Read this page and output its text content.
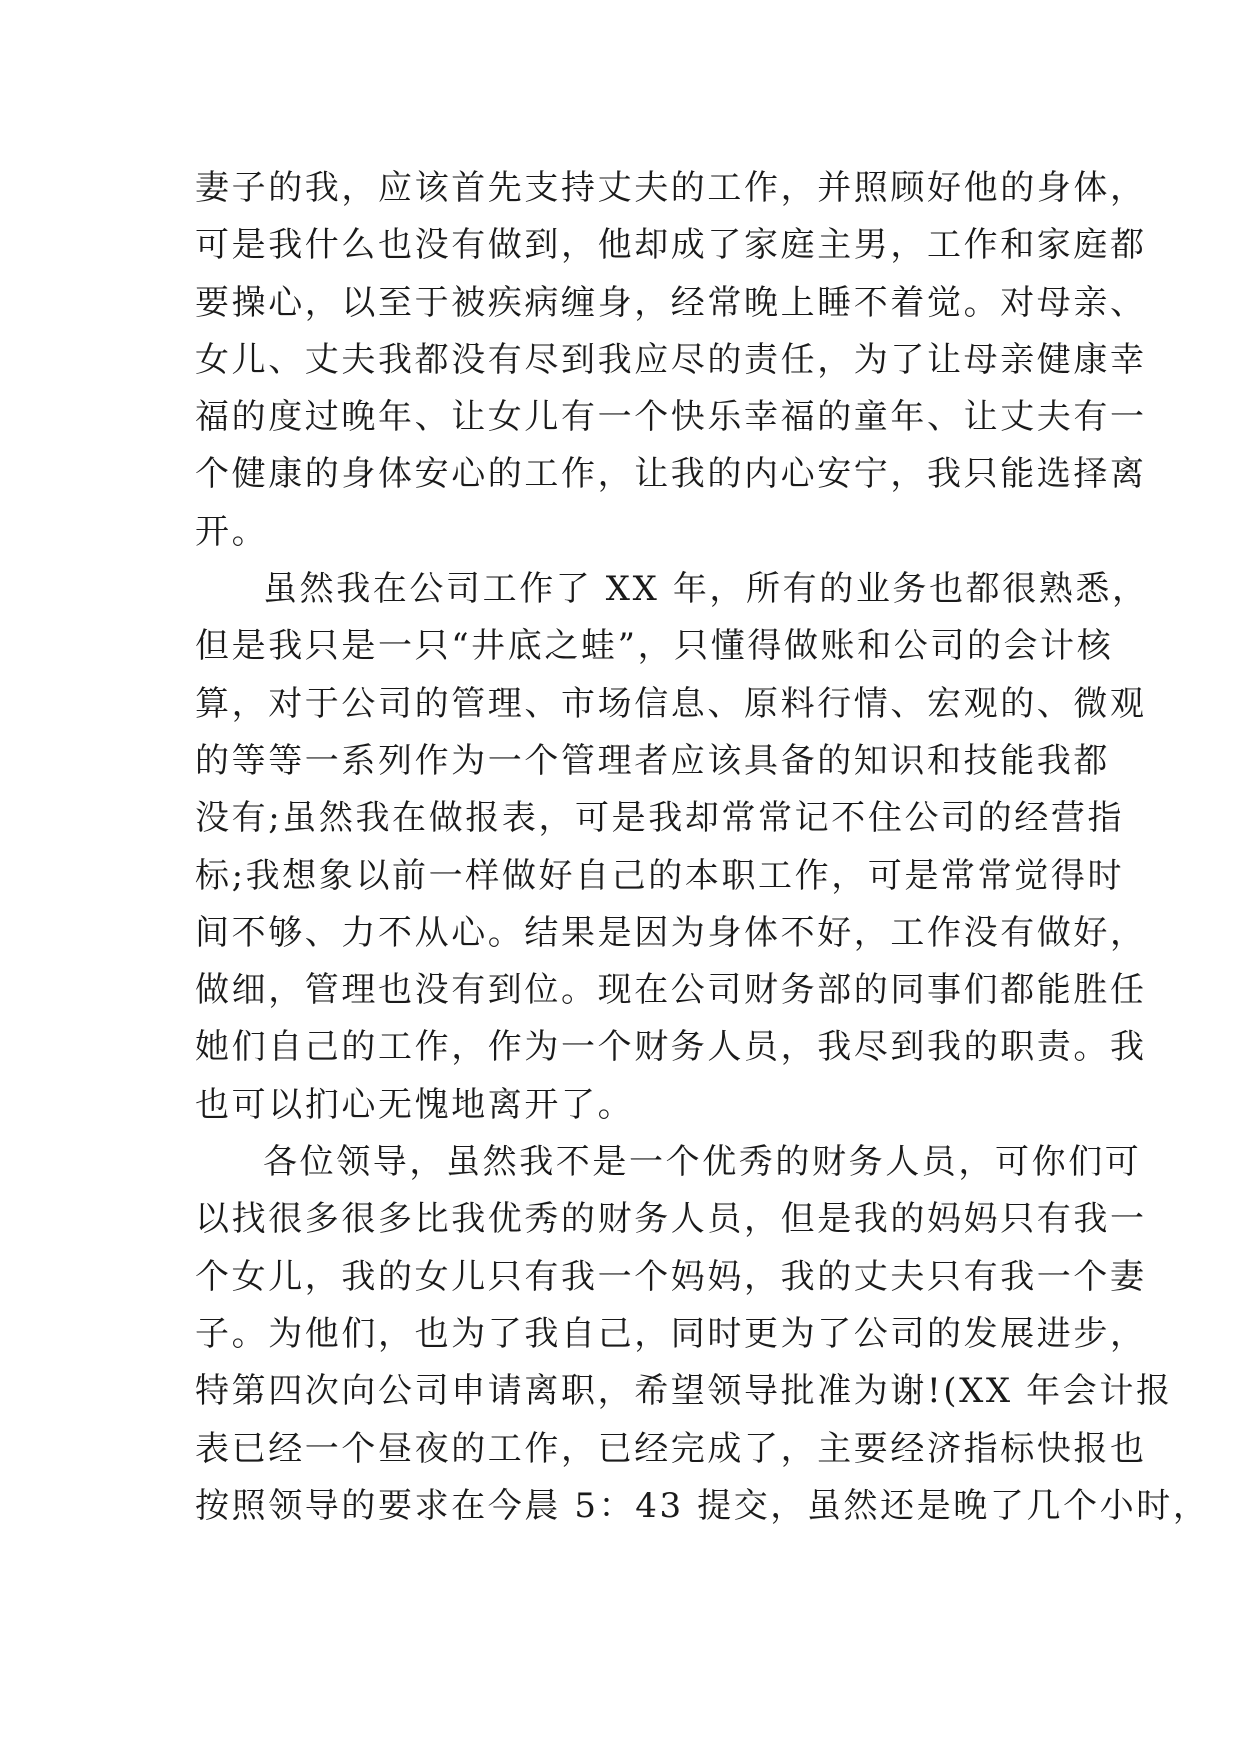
妻子的我，应该首先支持丈夫的工作，并照顾好他的身体，
可是我什么也没有做到，他却成了家庭主男，工作和家庭都
要操心，以至于被疾病缠身，经常晚上睡不着觉。对母亲、
女儿、丈夫我都没有尽到我应尽的责任，为了让母亲健康幸
福的度过晚年、让女儿有一个快乐幸福的童年、让丈夫有一
个健康的身体安心的工作，让我的内心安宁，我只能选择离
开。
虽然我在公司工作了 XX 年，所有的业务也都很熟悉，
但是我只是一只“井底之蛙”，只懂得做账和公司的会计核
算，对于公司的管理、市场信息、原料行情、宏观的、微观
的等等一系列作为一个管理者应该具备的知识和技能我都
没有;虽然我在做报表，可是我却常常记不住公司的经营指
标;我想象以前一样做好自己的本职工作，可是常常觉得时
间不够、力不从心。结果是因为身体不好，工作没有做好，
做细，管理也没有到位。现在公司财务部的同事们都能胜任
她们自己的工作，作为一个财务人员，我尽到我的职责。我
也可以扪心无愧地离开了。
各位领导，虽然我不是一个优秀的财务人员，可你们可
以找很多很多比我优秀的财务人员，但是我的妈妈只有我一
个女儿，我的女儿只有我一个妈妈，我的丈夫只有我一个妻
子。为他们，也为了我自己，同时更为了公司的发展进步，
特第四次向公司申请离职，希望领导批准为谢!(XX 年会计报
表已经一个昼夜的工作，已经完成了，主要经济指标快报也
按照领导的要求在今晨 5：43 提交，虽然还是晚了几个小时，
